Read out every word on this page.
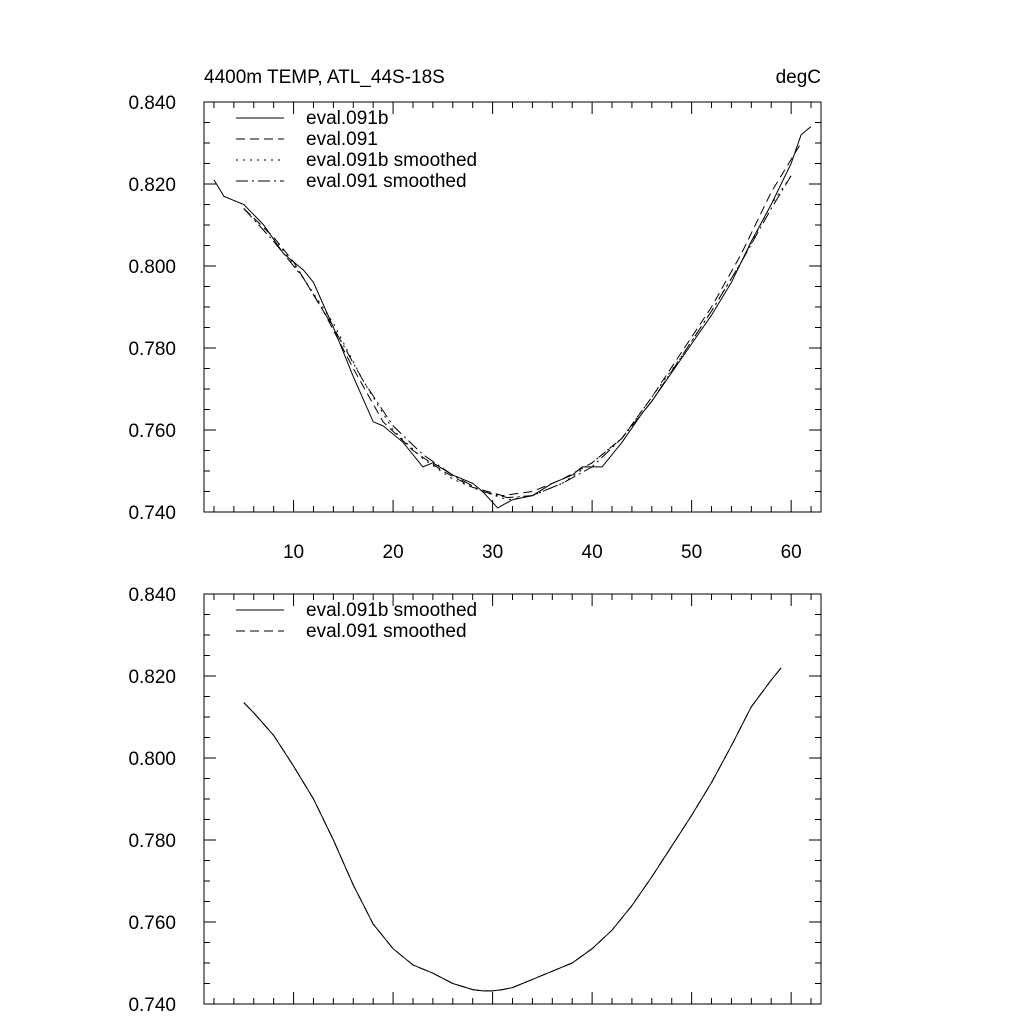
4400m TEMP, ATL_44S-18S	degC
10	20	30	40	50	60
0.740
0.760
0.780
0.800
0.820
0.840
eval.091b
eval.091
eval.091b smoothed
eval.091 smoothed
0.740
0.760
0.780
0.800
0.820
0.840
eval.091b smoothed
eval.091 smoothed
